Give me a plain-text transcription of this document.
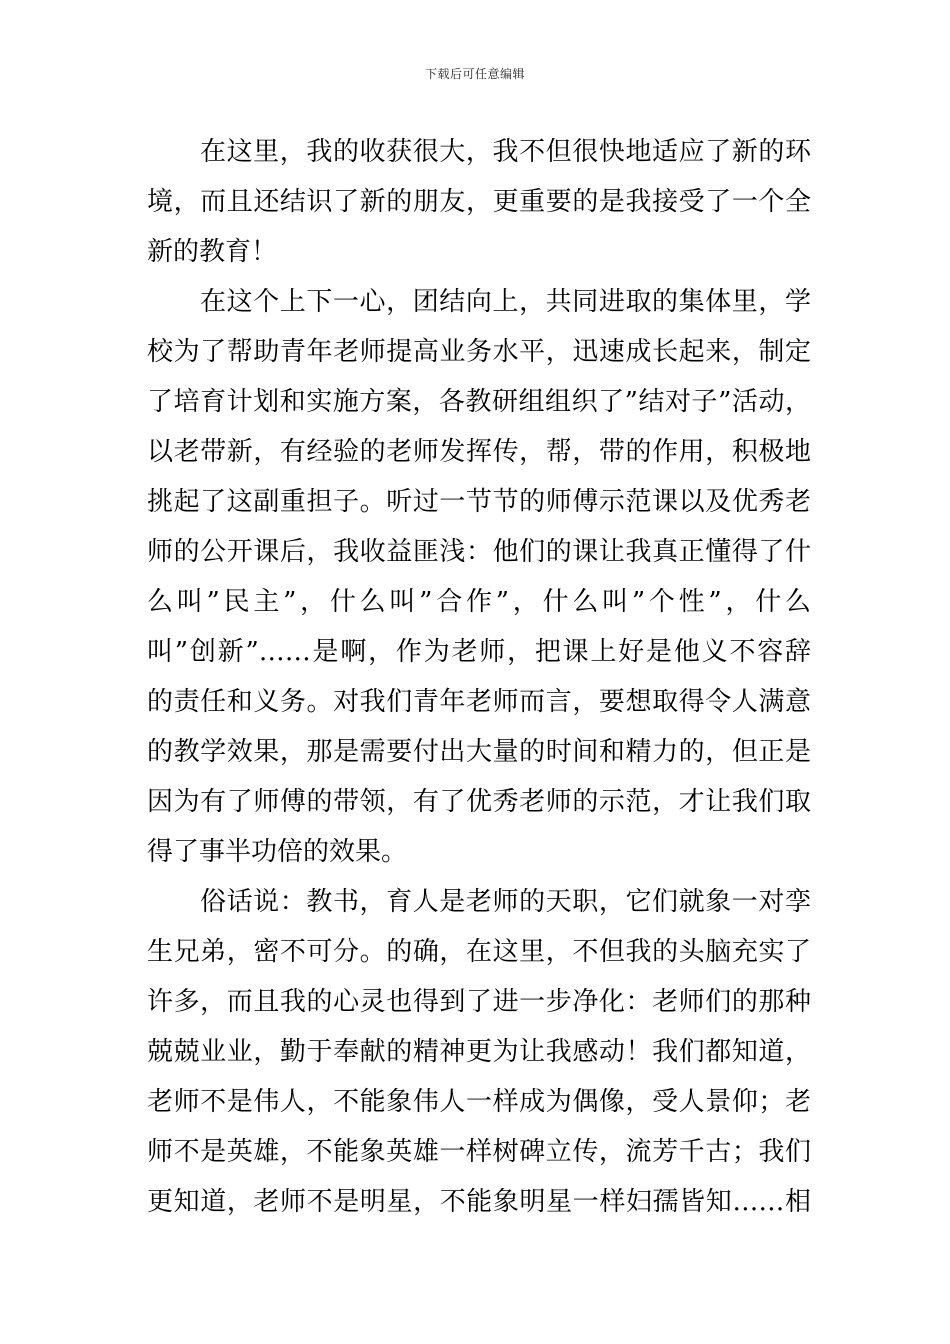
下载后可任意编辑
在这里，我的收获很大，我不但很快地适应了新的环
境，而且还结识了新的朋友，更重要的是我接受了一个全
新的教育！
在这个上下一心，团结向上，共同进取的集体里，学
校为了帮助青年老师提高业务水平，迅速成长起来，制定
了培育计划和实施方案，各教研组组织了”结对子”活动，
以老带新，有经验的老师发挥传，帮，带的作用，积极地
挑起了这副重担子。听过一节节的师傅示范课以及优秀老
师的公开课后，我收益匪浅：他们的课让我真正懂得了什
么叫”民主”，什么叫”合作”，什么叫”个性”，什么
叫”创新”……是啊，作为老师，把课上好是他义不容辞
的责任和义务。对我们青年老师而言，要想取得令人满意
的教学效果，那是需要付出大量的时间和精力的，但正是
因为有了师傅的带领，有了优秀老师的示范，才让我们取
得了事半功倍的效果。
俗话说：教书，育人是老师的天职，它们就象一对孪
生兄弟，密不可分。的确，在这里，不但我的头脑充实了
许多，而且我的心灵也得到了进一步净化：老师们的那种
兢兢业业，勤于奉献的精神更为让我感动！我们都知道，
老师不是伟人，不能象伟人一样成为偶像，受人景仰；老
师不是英雄，不能象英雄一样树碑立传，流芳千古；我们
更知道，老师不是明星，不能象明星一样妇孺皆知……相
